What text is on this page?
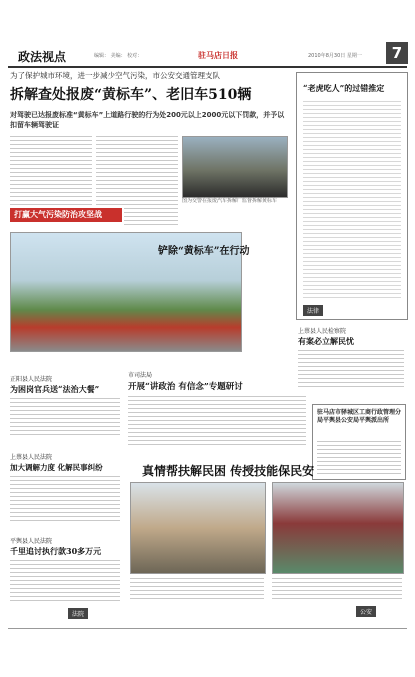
政法视点	编辑： 美编： 校对：	驻马店日报	2010年8月30日 星期一	7
为了保护城市环境，进一步减少空气污染，市公安交通管理支队
拆解查处报废“黄标车”、老旧车510辆
对驾驶已达报废标准“黄标车”上道路行驶的行为处200元以上2000元以下罚款，并予以扣留车辆驾驶证
图为交警在报废汽车拆解厂监督拆解黄标车
打赢大气污染防治攻坚战
铲除“黄标车”在行动
“老虎吃人”的过错推定
法律
上蔡县人民检察院
有案必立解民忧
驻马店市驿城区工商行政管理分局平舆县公安局平舆派出所
正阳县人民法院
为困岗官兵送“法治大餐”
上蔡县人民法院
加大调解力度 化解民事纠纷
平舆县人民法院
千里追讨执行款30多万元
法院
市司法局
开展“讲政治 有信念”专题研讨
真情帮扶解民困 传授技能保民安
公安
